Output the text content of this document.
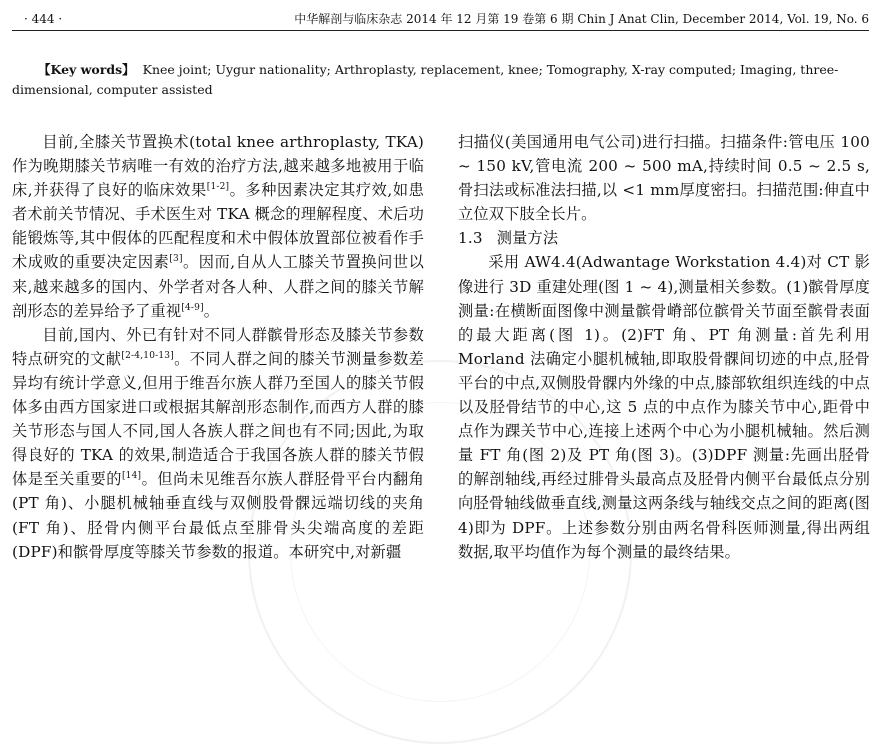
· 444 ·	中华解剖与临床杂志 2014 年 12 月第 19 卷第 6 期 Chin J Anat Clin, December 2014, Vol. 19, No. 6
【Key words】 Knee joint; Uygur nationality; Arthroplasty, replacement, knee; Tomography, X-ray computed; Imaging, three-dimensional, computer assisted

目前,全膝关节置换术(total knee arthroplasty, TKA)作为晚期膝关节病唯一有效的治疗方法,越来越多地被用于临床,并获得了良好的临床效果[1-2]。多种因素决定其疗效,如患者术前关节情况、手术医生对 TKA 概念的理解程度、术后功能锻炼等,其中假体的匹配程度和术中假体放置部位被看作手术成败的重要决定因素[3]。因而,自从人工膝关节置换问世以来,越来越多的国内、外学者对各人种、人群之间的膝关节解剖形态的差异给予了重视[4-9]。

目前,国内、外已有针对不同人群髌骨形态及膝关节参数特点研究的文献[2-4,10-13]。不同人群之间的膝关节测量参数差异均有统计学意义,但用于维吾尔族人群乃至国人的膝关节假体多由西方国家进口或根据其解剖形态制作,而西方人群的膝关节形态与国人不同,国人各族人群之间也有不同;因此,为取得良好的 TKA 的效果,制造适合于我国各族人群的膝关节假体是至关重要的[14]。但尚未见维吾尔族人群胫骨平台内翻角(PT 角)、小腿机械轴垂直线与双侧股骨髁远端切线的夹角(FT 角)、胫骨内侧平台最低点至腓骨头尖端高度的差距(DPF)和髌骨厚度等膝关节参数的报道。本研究中,对新疆

扫描仪(美国通用电气公司)进行扫描。扫描条件:管电压 100 ~ 150 kV,管电流 200 ~ 500 mA,持续时间 0.5 ~ 2.5 s,骨扫法或标准法扫描,以 <1 mm厚度密扫。扫描范围:伸直中立位双下肢全长片。

1.3 测量方法

采用 AW4.4(Adwantage Workstation 4.4)对 CT 影像进行 3D 重建处理(图 1 ~ 4),测量相关参数。(1)髌骨厚度测量:在横断面图像中测量髌骨嵴部位髌骨关节面至髌骨表面的最大距离(图 1)。(2)FT 角、PT 角测量:首先利用 Morland 法确定小腿机械轴,即取股骨髁间切迹的中点,胫骨平台的中点,双侧股骨髁内外缘的中点,膝部软组织连线的中点以及胫骨结节的中心,这 5 点的中点作为膝关节中心,距骨中点作为踝关节中心,连接上述两个中心为小腿机械轴。然后测量 FT 角(图 2)及 PT 角(图 3)。(3)DPF 测量:先画出胫骨的解剖轴线,再经过腓骨头最高点及胫骨内侧平台最低点分别向胫骨轴线做垂直线,测量这两条线与轴线交点之间的距离(图 4)即为 DPF。上述参数分别由两名骨科医师测量,得出两组数据,取平均值作为每个测量的最终结果。
